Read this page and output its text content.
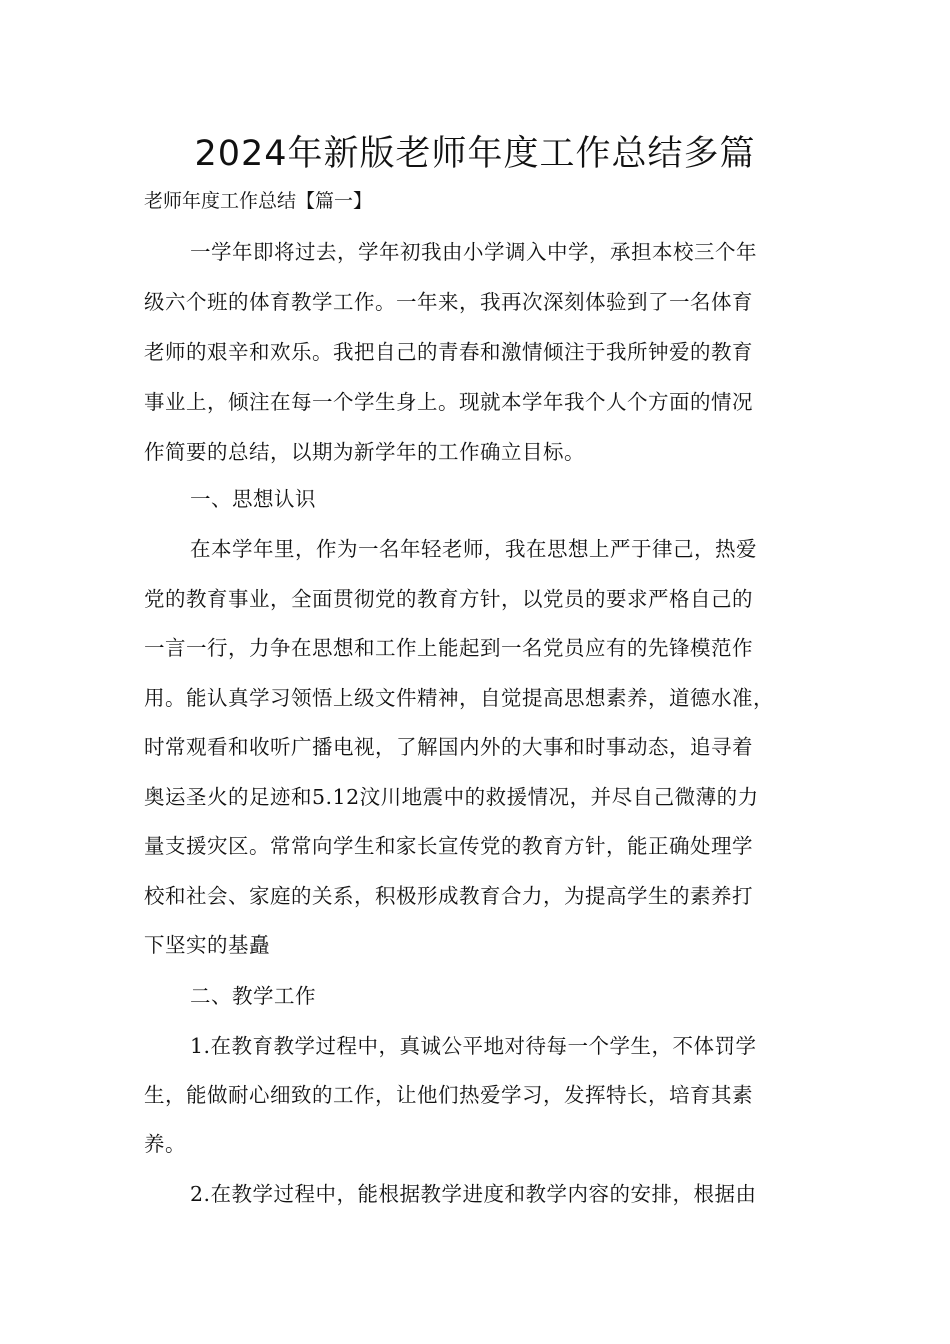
2024年新版老师年度工作总结多篇

老师年度工作总结【篇一】

一学年即将过去，学年初我由小学调入中学，承担本校三个年

级六个班的体育教学工作。一年来，我再次深刻体验到了一名体育

老师的艰辛和欢乐。我把自己的青春和激情倾注于我所钟爱的教育

事业上，倾注在每一个学生身上。现就本学年我个人个方面的情况

作简要的总结，以期为新学年的工作确立目标。

一、思想认识

在本学年里，作为一名年轻老师，我在思想上严于律己，热爱

党的教育事业，全面贯彻党的教育方针，以党员的要求严格自己的

一言一行，力争在思想和工作上能起到一名党员应有的先锋模范作

用。能认真学习领悟上级文件精神，自觉提高思想素养，道德水准，

时常观看和收听广播电视，了解国内外的大事和时事动态，追寻着

奥运圣火的足迹和5.12汶川地震中的救援情况，并尽自己微薄的力

量支援灾区。常常向学生和家长宣传党的教育方针，能正确处理学

校和社会、家庭的关系，积极形成教育合力，为提高学生的素养打

下坚实的基矗

二、教学工作

1.在教育教学过程中，真诚公平地对待每一个学生，不体罚学

生，能做耐心细致的工作，让他们热爱学习，发挥特长，培育其素

养。

2.在教学过程中，能根据教学进度和教学内容的安排，根据由
